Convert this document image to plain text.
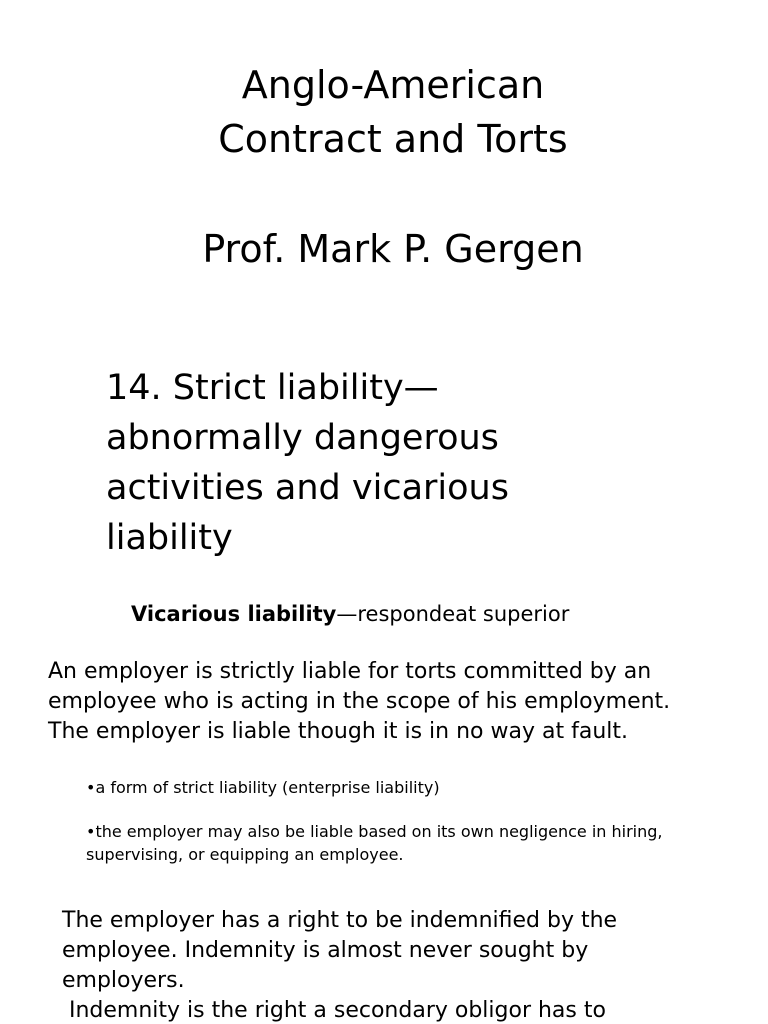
Anglo-American
Contract and Torts
Prof. Mark P. Gergen
14. Strict liability—
abnormally dangerous
activities and vicarious
liability
Vicarious liability—respondeat superior
An employer is strictly liable for torts committed by an
employee who is acting in the scope of his employment.
The employer is liable though it is in no way at fault.
•a form of strict liability (enterprise liability)
•the employer may also be liable based on its own negligence in hiring,
supervising, or equipping an employee.
The employer has a right to be indemnified by the
employee. Indemnity is almost never sought by
employers.
Indemnity is the right a secondary obligor has to
